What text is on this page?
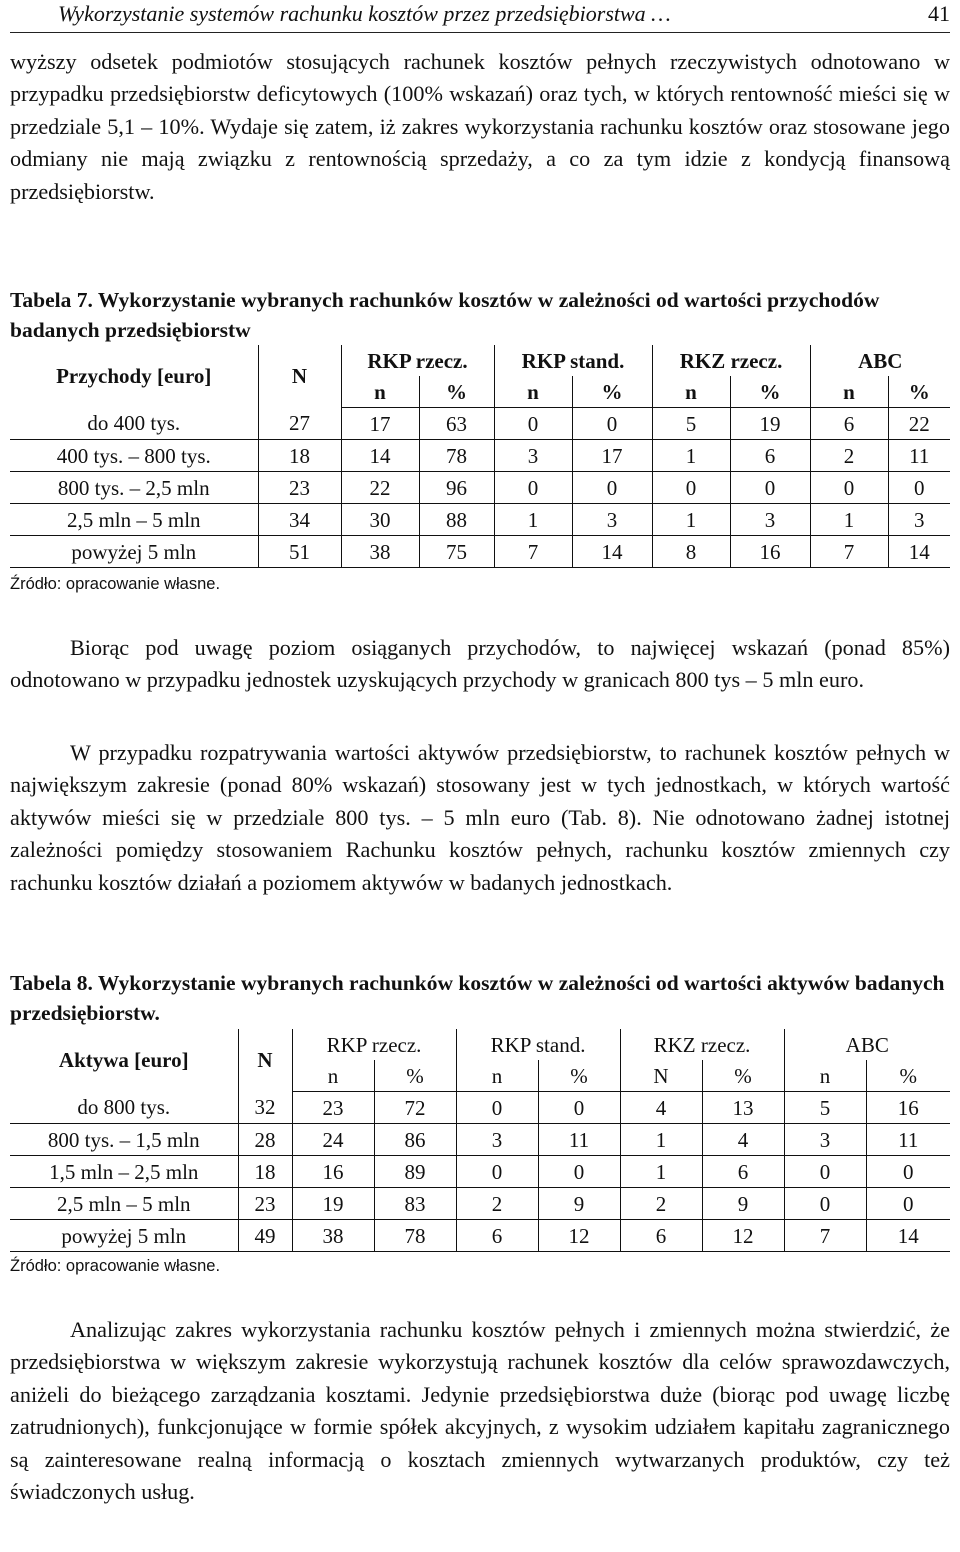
Wykorzystanie systemów rachunku kosztów przez przedsiębiorstwa …	41

wyższy odsetek podmiotów stosujących rachunek kosztów pełnych rzeczywistych odnotowano w przypadku przedsiębiorstw deficytowych (100% wskazań) oraz tych, w których rentowność mieści się w przedziale 5,1 – 10%. Wydaje się zatem, iż zakres wykorzystania rachunku kosztów oraz stosowane jego odmiany nie mają związku z rentownością sprzedaży, a co za tym idzie z kondycją finansową przedsiębiorstw.

Tabela 7. Wykorzystanie wybranych rachunków kosztów w zależności od wartości przychodów badanych przedsiębiorstw

Przychody [euro]	N	RKP rzecz.		RKP stand.		RKZ rzecz.		ABC	
		n	%	n	%	n	%	n	%
do 400 tys.	27	17	63	0	0	5	19	6	22
400 tys. – 800 tys.	18	14	78	3	17	1	6	2	11
800 tys. – 2,5 mln	23	22	96	0	0	0	0	0	0
2,5 mln – 5 mln	34	30	88	1	3	1	3	1	3
powyżej 5 mln	51	38	75	7	14	8	16	7	14
Źródło: opracowanie własne.

Biorąc pod uwagę poziom osiąganych przychodów, to najwięcej wskazań (ponad 85%) odnotowano w przypadku jednostek uzyskujących przychody w granicach 800 tys – 5 mln euro.

W przypadku rozpatrywania wartości aktywów przedsiębiorstw, to rachunek kosztów pełnych w największym zakresie (ponad 80% wskazań) stosowany jest w tych jednostkach, w których wartość aktywów mieści się w przedziale 800 tys. – 5 mln euro (Tab. 8). Nie odnotowano żadnej istotnej zależności pomiędzy stosowaniem Rachunku kosztów pełnych, rachunku kosztów zmiennych czy rachunku kosztów działań a poziomem aktywów w badanych jednostkach.

Tabela 8. Wykorzystanie wybranych rachunków kosztów w zależności od wartości aktywów badanych przedsiębiorstw.

Aktywa [euro]	N	RKP rzecz.		RKP stand.		RKZ rzecz.		ABC	
		n	%	n	%	N	%	n	%
do 800 tys.	32	23	72	0	0	4	13	5	16
800 tys. – 1,5 mln	28	24	86	3	11	1	4	3	11
1,5 mln – 2,5 mln	18	16	89	0	0	1	6	0	0
2,5 mln – 5 mln	23	19	83	2	9	2	9	0	0
powyżej 5 mln	49	38	78	6	12	6	12	7	14
Źródło: opracowanie własne.

Analizując zakres wykorzystania rachunku kosztów pełnych i zmiennych można stwierdzić, że przedsiębiorstwa w większym zakresie wykorzystują rachunek kosztów dla celów sprawozdawczych, aniżeli do bieżącego zarządzania kosztami. Jedynie przedsiębiorstwa duże (biorąc pod uwagę liczbę zatrudnionych), funkcjonujące w formie spółek akcyjnych, z wysokim udziałem kapitału zagranicznego są zainteresowane realną informacją o kosztach zmiennych wytwarzanych produktów, czy też świadczonych usług.
